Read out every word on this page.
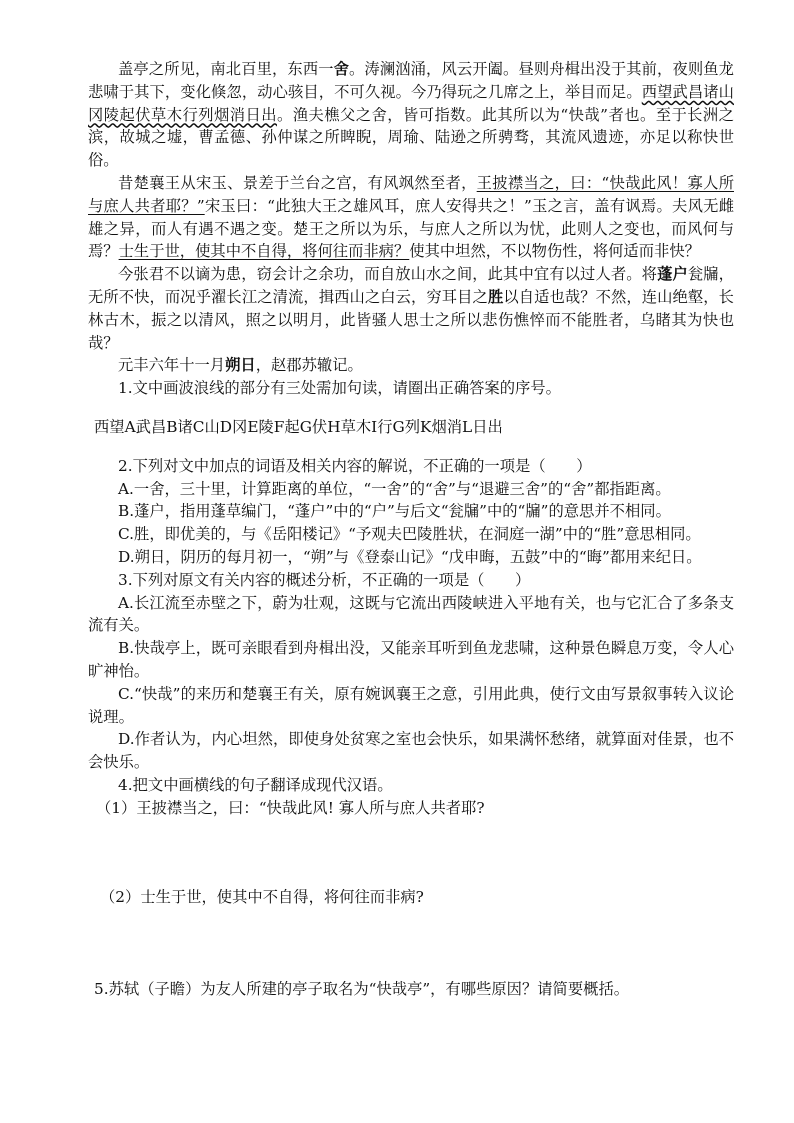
盖亭之所见，南北百里，东西一舍。涛澜汹涌，风云开阖。昼则舟楫出没于其前，夜则鱼龙悲啸于其下，变化倏忽，动心骇目，不可久视。今乃得玩之几席之上，举目而足。西望武昌诸山冈陵起伏草木行列烟消日出。渔夫樵父之舍，皆可指数。此其所以为“快哉”者也。至于长洲之滨，故城之墟，曹孟德、孙仲谋之所睥睨，周瑜、陆逊之所骋骛，其流风遗迹，亦足以称快世俗。

昔楚襄王从宋玉、景差于兰台之宫，有风飒然至者，王披襟当之，曰：“快哉此风！寡人所与庶人共者耶？”宋玉曰：“此独大王之雄风耳，庶人安得共之！”玉之言，盖有讽焉。夫风无雌雄之异，而人有遇不遇之变。楚王之所以为乐，与庶人之所以为忧，此则人之变也，而风何与焉？士生于世，使其中不自得，将何往而非病？使其中坦然，不以物伤性，将何适而非快？

今张君不以谪为患，窃会计之余功，而自放山水之间，此其中宜有以过人者。将蓬户瓮牖，无所不快，而况乎濯长江之清流，揖西山之白云，穷耳目之胜以自适也哉？不然，连山绝壑，长林古木，振之以清风，照之以明月，此皆骚人思士之所以悲伤憔悴而不能胜者，乌睹其为快也哉？

元丰六年十一月朔日，赵郡苏辙记。

1.文中画波浪线的部分有三处需加句读，请圈出正确答案的序号。

西望A武昌B诸C山D冈E陵F起G伏H草木I行G列K烟消L日出

2.下列对文中加点的词语及相关内容的解说，不正确的一项是（　　）

A.一舍，三十里，计算距离的单位，“一舍”的“舍”与“退避三舍”的“舍”都指距离。

B.蓬户，指用蓬草编门，“蓬户”中的“户”与后文“瓮牖”中的“牖”的意思并不相同。

C.胜，即优美的，与《岳阳楼记》“予观夫巴陵胜状，在洞庭一湖”中的“胜”意思相同。

D.朔日，阴历的每月初一，“朔”与《登泰山记》“戊申晦，五鼓”中的“晦”都用来纪日。

3.下列对原文有关内容的概述分析，不正确的一项是（　　）

A.长江流至赤壁之下，蔚为壮观，这既与它流出西陵峡进入平地有关，也与它汇合了多条支流有关。

B.快哉亭上，既可亲眼看到舟楫出没，又能亲耳听到鱼龙悲啸，这种景色瞬息万变，令人心旷神怡。

C.“快哉”的来历和楚襄王有关，原有婉讽襄王之意，引用此典，使行文由写景叙事转入议论说理。

D.作者认为，内心坦然，即使身处贫寒之室也会快乐，如果满怀愁绪，就算面对佳景，也不会快乐。

4.把文中画横线的句子翻译成现代汉语。

（1）王披襟当之，曰：“快哉此风! 寡人所与庶人共者耶?

（2）士生于世，使其中不自得，将何往而非病?

5.苏轼（子瞻）为友人所建的亭子取名为“快哉亭”，有哪些原因？请简要概括。
